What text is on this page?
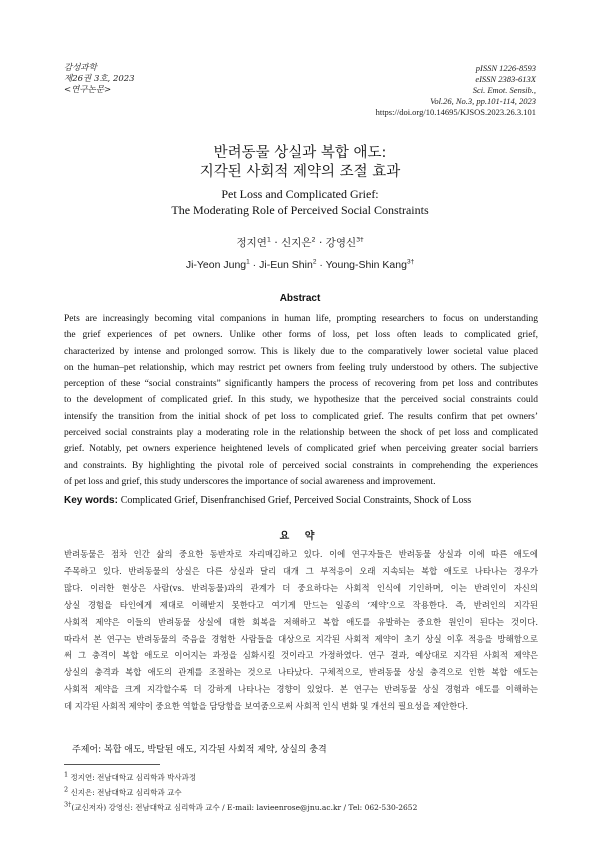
감성과학
제26권 3호, 2023
<연구논문>
pISSN 1226-8593
eISSN 2383-613X
Sci. Emot. Sensib.,
Vol.26, No.3, pp.101-114, 2023
https://doi.org/10.14695/KJSOS.2023.26.3.101
반려동물 상실과 복합 애도:
지각된 사회적 제약의 조절 효과
Pet Loss and Complicated Grief:
The Moderating Role of Perceived Social Constraints
정지연$^1$ · 신지은$^2$ · 강영신$^{3\dagger}$
Ji-Yeon Jung$^1$ · Ji-Eun Shin$^2$ · Young-Shin Kang$^{3\dagger}$
Abstract
Pets are increasingly becoming vital companions in human life, prompting researchers to focus on understanding
the grief experiences of pet owners. Unlike other forms of loss, pet loss often leads to complicated grief,
characterized by intense and prolonged sorrow. This is likely due to the comparatively lower societal value placed
on the human–pet relationship, which may restrict pet owners from feeling truly understood by others. The subjective
perception of these “social constraints” significantly hampers the process of recovering from pet loss and contributes
to the development of complicated grief. In this study, we hypothesize that the perceived social constraints could
intensify the transition from the initial shock of pet loss to complicated grief. The results confirm that pet owners’
perceived social constraints play a moderating role in the relationship between the shock of pet loss and complicated
grief. Notably, pet owners experience heightened levels of complicated grief when perceiving greater social barriers
and constraints. By highlighting the pivotal role of perceived social constraints in comprehending the experiences
of pet loss and grief, this study underscores the importance of social awareness and improvement.
Key words: Complicated Grief, Disenfranchised Grief, Perceived Social Constraints, Shock of Loss
요 약
반려동물은 점차 인간 삶의 중요한 동반자로 자리매김하고 있다. 이에 연구자들은 반려동물 상실과 이에 따른 애도에
주목하고 있다. 반려동물의 상실은 다른 상실과 달리 대개 그 부적응이 오래 지속되는 복합 애도로 나타나는 경우가
많다. 이러한 현상은 사람(vs. 반려동물)과의 관계가 더 중요하다는 사회적 인식에 기인하며, 이는 반려인이 자신의
상실 경험을 타인에게 제대로 이해받지 못한다고 여기게 만드는 일종의 ‘제약’으로 작용한다. 즉, 반려인의 지각된
사회적 제약은 이들의 반려동물 상실에 대한 회복을 저해하고 복합 애도를 유발하는 중요한 원인이 된다는 것이다.
따라서 본 연구는 반려동물의 죽음을 경험한 사람들을 대상으로 지각된 사회적 제약이 초기 상실 이후 적응을 방해함으로
써 그 충격이 복합 애도로 이어지는 과정을 심화시킬 것이라고 가정하였다. 연구 결과, 예상대로 지각된 사회적 제약은
상실의 충격과 복합 애도의 관계를 조절하는 것으로 나타났다. 구체적으로, 반려동물 상실 충격으로 인한 복합 애도는
사회적 제약을 크게 지각할수록 더 강하게 나타나는 경향이 있었다. 본 연구는 반려동물 상실 경험과 애도를 이해하는
데 지각된 사회적 제약이 중요한 역할을 담당함을 보여줌으로써 사회적 인식 변화 및 개선의 필요성을 제안한다.
주제어: 복합 애도, 박탈된 애도, 지각된 사회적 제약, 상실의 충격
$^1$ 정지연: 전남대학교 심리학과 박사과정
$^2$ 신지은: 전남대학교 심리학과 교수
$^{3\dagger}$(교신저자) 강영신: 전남대학교 심리학과 교수 / E-mail: lavieenrose@jnu.ac.kr / Tel: 062-530-2652
